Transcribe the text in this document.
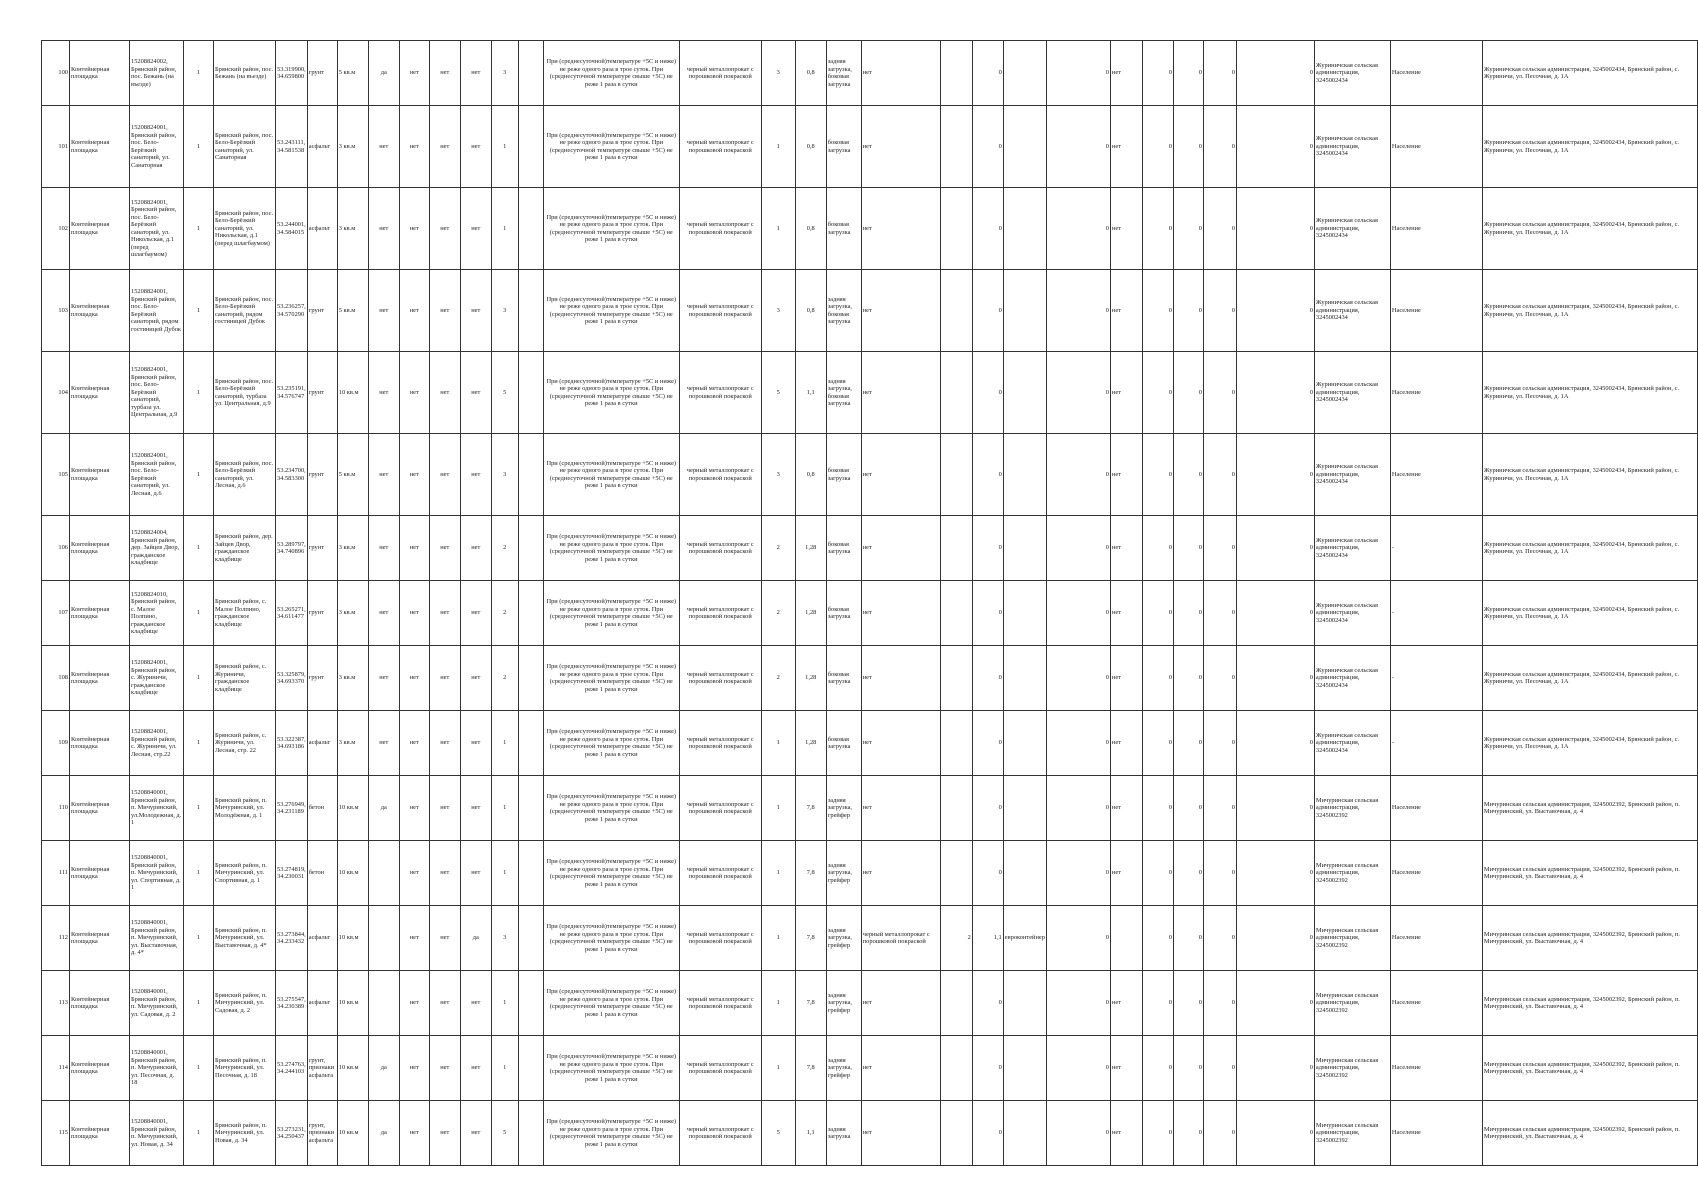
100	Контейнерная площадка	15208824002, Брянский район, пос. Бежань (на въезде)	1	Брянский район, пос. Бежань (на въезде)	53.319900, 34.659800	грунт	5 кв.м	да	нет	нет	нет	3		При (среднесуточной)температуре +5С и ниже) не реже одного раза в трое суток. При (среднесуточной температуре свыше +5С) не реже 1 раза в сутки	черный металлопрокат с порошковой покраской	3	0,8	задняя загрузка, боковая загрузка	нет		0		0	нет	0	0	0	0	Журиничская сельская администрация, 3245002434	Население	Журиничская сельская администрация, 3245002434, Брянский район, с. Журиничи, ул. Песочная, д. 1А
101	Контейнерная площадка	15208824001, Брянский район, пос. Бело-Берёзкий санаторий, ул. Санаторная	1	Брянский район, пос. Бело-Берёзкий санаторий, ул. Санаторная	53.243111, 34.581538	асфальт	3 кв.м	нет	нет	нет	нет	1		При (среднесуточной)температуре +5С и ниже) не реже одного раза в трое суток. При (среднесуточной температуре свыше +5С) не реже 1 раза в сутки	черный металлопрокат с порошковой покраской	1	0,8	боковая загрузка	нет		0		0	нет	0	0	0	0	Журиничская сельская администрация, 3245002434	Население	Журиничская сельская администрация, 3245002434, Брянский район, с. Журиничи, ул. Песочная, д. 1А
102	Контейнерная площадка	15208824001, Брянский район, пос. Бело-Берёзкий санаторий, ул. Никольская, д.1 (перед шлагбаумом)	1	Брянский район, пос. Бело-Берёзкий санаторий, ул. Никольская, д.1 (перед шлагбаумом)	53.244001, 34.584015	асфальт	3 кв.м	нет	нет	нет	нет	1		При (среднесуточной)температуре +5С и ниже) не реже одного раза в трое суток. При (среднесуточной температуре свыше +5С) не реже 1 раза в сутки	черный металлопрокат с порошковой покраской	1	0,8	боковая загрузка	нет		0		0	нет	0	0	0	0	Журиничская сельская администрация, 3245002434	Население	Журиничская сельская администрация, 3245002434, Брянский район, с. Журиничи, ул. Песочная, д. 1А
103	Контейнерная площадка	15208824001, Брянский район, пос. Бело-Берёзкий санаторий, рядом гостиницей Дубок	1	Брянский район, пос. Бело-Берёзкий санаторий, рядом гостиницей Дубок	53.236257, 34.570290	грунт	5 кв.м	нет	нет	нет	нет	3		При (среднесуточной)температуре +5С и ниже) не реже одного раза в трое суток. При (среднесуточной температуре свыше +5С) не реже 1 раза в сутки	черный металлопрокат с порошковой покраской	3	0,8	задняя загрузка, боковая загрузка	нет		0		0	нет	0	0	0	0	Журиничская сельская администрация, 3245002434	Население	Журиничская сельская администрация, 3245002434, Брянский район, с. Журиничи, ул. Песочная, д. 1А
104	Контейнерная площадка	15208824001, Брянский район, пос. Бело-Берёзкий санаторий, турбаза ул. Центральная, д.9	1	Брянский район, пос. Бело-Берёзкий санаторий, турбаза ул. Центральная, д.9	53.235191, 34.576747	грунт	10 кв.м	нет	нет	нет	нет	5		При (среднесуточной)температуре +5С и ниже) не реже одного раза в трое суток. При (среднесуточной температуре свыше +5С) не реже 1 раза в сутки	черный металлопрокат с порошковой покраской	5	1,1	задняя загрузка, боковая загрузка	нет		0		0	нет	0	0	0	0	Журиничская сельская администрация, 3245002434	Население	Журиничская сельская администрация, 3245002434, Брянский район, с. Журиничи, ул. Песочная, д. 1А
105	Контейнерная площадка	15208824001, Брянский район, пос. Бело-Берёзкий санаторий, ул. Лесная, д.6	1	Брянский район, пос. Бело-Берёзкий санаторий, ул. Лесная, д.6	53.234700, 34.583300	грунт	5 кв.м	нет	нет	нет	нет	3		При (среднесуточной)температуре +5С и ниже) не реже одного раза в трое суток. При (среднесуточной температуре свыше +5С) не реже 1 раза в сутки	черный металлопрокат с порошковой покраской	3	0,8	боковая загрузка	нет		0		0	нет	0	0	0	0	Журиничская сельская администрация, 3245002434	Население	Журиничская сельская администрация, 3245002434, Брянский район, с. Журиничи, ул. Песочная, д. 1А
106	Контейнерная площадка	15208824004, Брянский район, дер. Зайцев Двор, гражданское кладбище	1	Брянский район, дер. Зайцев Двор, гражданское кладбище	53.289797, 34.740896	грунт	3 кв.м	нет	нет	нет	нет	2		При (среднесуточной)температуре +5С и ниже) не реже одного раза в трое суток. При (среднесуточной температуре свыше +5С) не реже 1 раза в сутки	черный металлопрокат с порошковой покраской	2	1,28	боковая загрузка	нет		0		0	нет	0	0	0	0	Журиничская сельская администрация, 3245002434	-	Журиничская сельская администрация, 3245002434, Брянский район, с. Журиничи, ул. Песочная, д. 1А
107	Контейнерная площадка	15208824010, Брянский район, с. Малое Полпино, гражданское кладбище	1	Брянский район, с. Малое Полпино, гражданское кладбище	53.265271, 34.611477	грунт	3 кв.м	нет	нет	нет	нет	2		При (среднесуточной)температуре +5С и ниже) не реже одного раза в трое суток. При (среднесуточной температуре свыше +5С) не реже 1 раза в сутки	черный металлопрокат с порошковой покраской	2	1,28	боковая загрузка	нет		0		0	нет	0	0	0	0	Журиничская сельская администрация, 3245002434	-	Журиничская сельская администрация, 3245002434, Брянский район, с. Журиничи, ул. Песочная, д. 1А
108	Контейнерная площадка	15208824001, Брянский район, с. Журиничи, гражданское кладбище	1	Брянский район, с. Журиничи, гражданское кладбище	53.325879, 34.693370	грунт	3 кв.м	нет	нет	нет	нет	2		При (среднесуточной)температуре +5С и ниже) не реже одного раза в трое суток. При (среднесуточной температуре свыше +5С) не реже 1 раза в сутки	черный металлопрокат с порошковой покраской	2	1,28	боковая загрузка	нет		0		0	нет	0	0	0	0	Журиничская сельская администрация, 3245002434	-	Журиничская сельская администрация, 3245002434, Брянский район, с. Журиничи, ул. Песочная, д. 1А
109	Контейнерная площадка	15208824001, Брянский район, с. Журиничи, ул. Лесная, стр.22	1	Брянский район, с. Журиничи, ул. Лесная, стр. 22	53.322387, 34.693186	асфальт	3 кв.м	нет	нет	нет	нет	1		При (среднесуточной)температуре +5С и ниже) не реже одного раза в трое суток. При (среднесуточной температуре свыше +5С) не реже 1 раза в сутки	черный металлопрокат с порошковой покраской	1	1,28	боковая загрузка	нет		0		0	нет	0	0	0	0	Журиничская сельская администрация, 3245002434	-	Журиничская сельская администрация, 3245002434, Брянский район, с. Журиничи, ул. Песочная, д. 1А
110	Контейнерная площадка	15208840001, Брянский район, п. Мичуринский, ул.Молодежная, д. 1	1	Брянский район, п. Мичуринский, ул. Молодёжная, д. 1	53.276949, 34.231189	бетон	10 кв.м	да	нет	нет	нет	1		При (среднесуточной)температуре +5С и ниже) не реже одного раза в трое суток. При (среднесуточной температуре свыше +5С) не реже 1 раза в сутки	черный металлопрокат с порошковой покраской	1	7,8	задняя загрузка, грейфер	нет		0		0	нет	0	0	0	0	Мичуринская сельская администрация, 3245002392	Население	Мичуринская сельская администрация, 3245002392, Брянский район, п. Мичуринский, ул. Выставочная, д. 4
111	Контейнерная площадка	15208840001, Брянский район, п. Мичуринский, ул. Спортивная, д. 1	1	Брянский район, п. Мичуринский, ул. Спортивная, д. 1	53.274819, 34.230031	бетон	10 кв.м		нет	нет	нет	1		При (среднесуточной)температуре +5С и ниже) не реже одного раза в трое суток. При (среднесуточной температуре свыше +5С) не реже 1 раза в сутки	черный металлопрокат с порошковой покраской	1	7,8	задняя загрузка, грейфер	нет		0		0	нет	0	0	0	0	Мичуринская сельская администрация, 3245002392	Население	Мичуринская сельская администрация, 3245002392, Брянский район, п. Мичуринский, ул. Выставочная, д. 4
112	Контейнерная площадка	15208840001, Брянский район, п. Мичуринский, ул. Выставочная, д. 4*	1	Брянский район, п. Мичуринский, ул. Выставочная, д. 4*	53.273844, 34.233432	асфальт	10 кв.м		нет	нет	да	3		При (среднесуточной)температуре +5С и ниже) не реже одного раза в трое суток. При (среднесуточной температуре свыше +5С) не реже 1 раза в сутки	черный металлопрокат с порошковой покраской	1	7,8	задняя загрузка, грейфер	черный металлопрокат с порошковой покраской	2	1,1	евроконтейнер	0		0	0	0	0	Мичуринская сельская администрация, 3245002392	Население	Мичуринская сельская администрация, 3245002392, Брянский район, п. Мичуринский, ул. Выставочная, д. 4
113	Контейнерная площадка	15208840001, Брянский район, п. Мичуринский, ул. Садовая, д. 2	1	Брянский район, п. Мичуринский, ул. Садовая, д. 2	53.275547, 34.230389	асфальт	10 кв.м		нет	нет	нет	1		При (среднесуточной)температуре +5С и ниже) не реже одного раза в трое суток. При (среднесуточной температуре свыше +5С) не реже 1 раза в сутки	черный металлопрокат с порошковой покраской	1	7,8	задняя загрузка, грейфер	нет		0		0	нет	0	0	0	0	Мичуринская сельская администрация, 3245002392	Население	Мичуринская сельская администрация, 3245002392, Брянский район, п. Мичуринский, ул. Выставочная, д. 4
114	Контейнерная площадка	15208840001, Брянский район, п. Мичуринский, ул. Песочная, д. 18	1	Брянский район, п. Мичуринский, ул. Песочная, д. 18	53.274763, 34.244103	грунт, признаки асфальта	10 кв.м	да	нет	нет	нет	1		При (среднесуточной)температуре +5С и ниже) не реже одного раза в трое суток. При (среднесуточной температуре свыше +5С) не реже 1 раза в сутки	черный металлопрокат с порошковой покраской	1	7,8	задняя загрузка, грейфер	нет		0		0	нет	0	0	0	0	Мичуринская сельская администрация, 3245002392	Население	Мичуринская сельская администрация, 3245002392, Брянский район, п. Мичуринский, ул. Выставочная, д. 4
115	Контейнерная площадка	15208840001, Брянский район, п. Мичуринский, ул. Новая, д. 34	1	Брянский район, п. Мичуринский, ул. Новая, д. 34	53.273231, 34.250437	грунт, признаки асфальта	10 кв.м	да	нет	нет	нет	5		При (среднесуточной)температуре +5С и ниже) не реже одного раза в трое суток. При (среднесуточной температуре свыше +5С) не реже 1 раза в сутки	черный металлопрокат с порошковой покраской	5	1,1	задняя загрузка	нет		0		0	нет	0	0	0	0	Мичуринская сельская администрация, 3245002392	Население	Мичуринская сельская администрация, 3245002392, Брянский район, п. Мичуринский, ул. Выставочная, д. 4
